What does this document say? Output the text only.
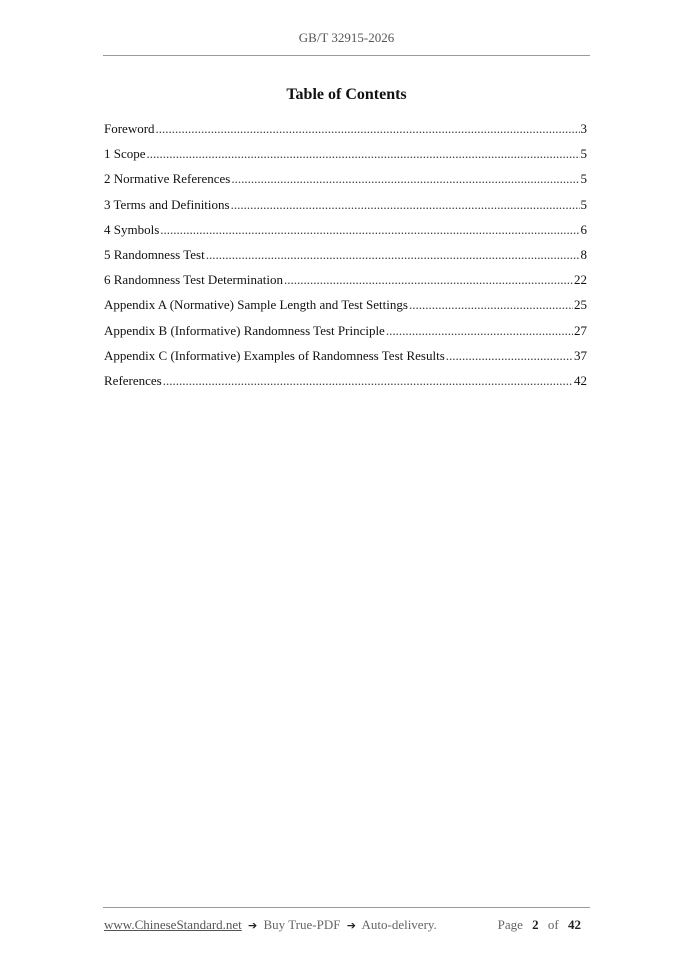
GB/T 32915-2026
Table of Contents
Foreword .....	3
1 Scope .....	5
2 Normative References .....	5
3 Terms and Definitions .....	5
4 Symbols .....	6
5 Randomness Test .....	8
6 Randomness Test Determination .....	22
Appendix A (Normative) Sample Length and Test Settings .....	25
Appendix B (Informative) Randomness Test Principle .....	27
Appendix C (Informative) Examples of Randomness Test Results .....	37
References .....	42
www.ChineseStandard.net ➔ Buy True-PDF ➔ Auto-delivery.	Page 2 of 42
